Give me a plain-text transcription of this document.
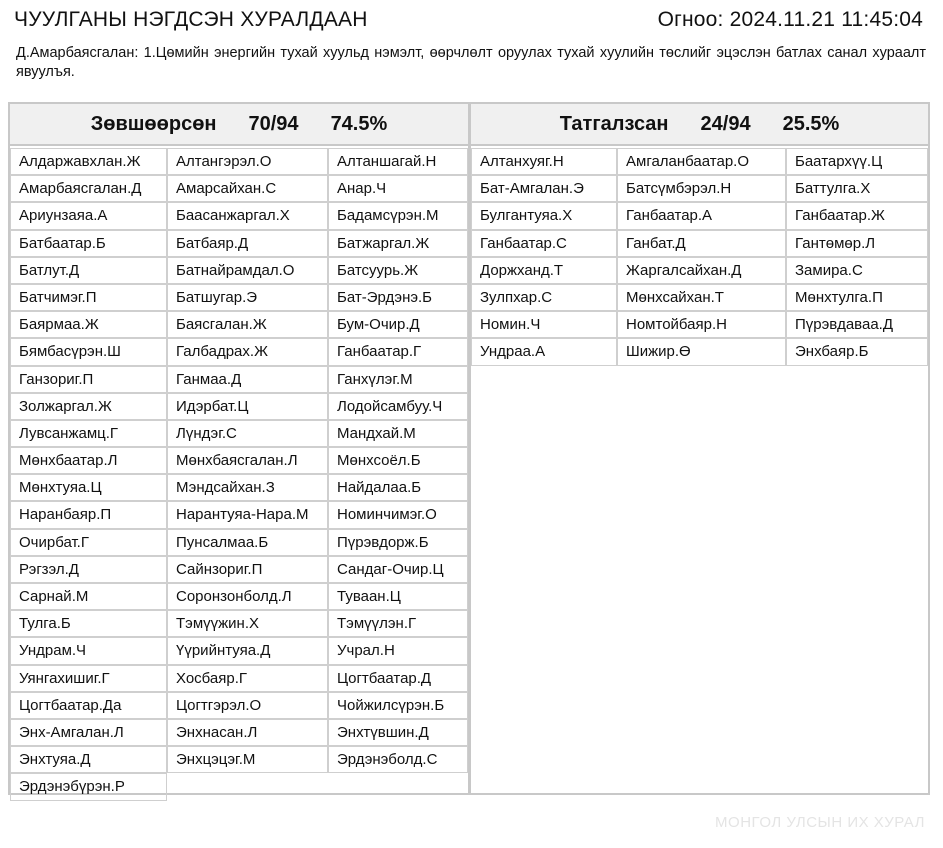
ЧУУЛГАНЫ НЭГДСЭН ХУРАЛДААН	Огноо: 2024.11.21 11:45:04
Д.Амарбаясгалан: 1.Цөмийн энергийн тухай хуульд нэмэлт, өөрчлөлт оруулах тухай хуулийн төслийг эцэслэн батлах санал хураалт явуулъя.
Зөвшөөрсөн 70/94 74.5%
Алдаржавхлан.Ж	Алтангэрэл.О	Алтаншагай.Н
Амарбаясгалан.Д	Амарсайхан.С	Анар.Ч
Ариунзаяа.А	Баасанжаргал.Х	Бадамсүрэн.М
Батбаатар.Б	Батбаяр.Д	Батжаргал.Ж
Батлут.Д	Батнайрамдал.О	Батсуурь.Ж
Батчимэг.П	Батшугар.Э	Бат-Эрдэнэ.Б
Баярмаа.Ж	Баясгалан.Ж	Бум-Очир.Д
Бямбасүрэн.Ш	Галбадрах.Ж	Ганбаатар.Г
Ганзориг.П	Ганмаа.Д	Ганхүлэг.М
Золжаргал.Ж	Идэрбат.Ц	Лодойсамбуу.Ч
Лувсанжамц.Г	Лүндэг.С	Мандхай.М
Мөнхбаатар.Л	Мөнхбаясгалан.Л	Мөнхсоёл.Б
Мөнхтуяа.Ц	Мэндсайхан.З	Найдалаа.Б
Наранбаяр.П	Нарантуяа-Нара.М	Номинчимэг.О
Очирбат.Г	Пунсалмаа.Б	Пүрэвдорж.Б
Рэгзэл.Д	Сайнзориг.П	Сандаг-Очир.Ц
Сарнай.М	Соронзонболд.Л	Туваан.Ц
Тулга.Б	Тэмүүжин.Х	Тэмүүлэн.Г
Ундрам.Ч	Үүрийнтуяа.Д	Учрал.Н
Уянгахишиг.Г	Хосбаяр.Г	Цогтбаатар.Д
Цогтбаатар.Да	Цогтгэрэл.О	Чойжилсүрэн.Б
Энх-Амгалан.Л	Энхнасан.Л	Энхтүвшин.Д
Энхтуяа.Д	Энхцэцэг.М	Эрдэнэболд.С
Эрдэнэбүрэн.Р
Татгалзсан 24/94 25.5%
Алтанхуяг.Н	Амгаланбаатар.О	Баатархүү.Ц
Бат-Амгалан.Э	Батсүмбэрэл.Н	Баттулга.Х
Булгантуяа.Х	Ганбаатар.А	Ганбаатар.Ж
Ганбаатар.С	Ганбат.Д	Гантөмөр.Л
Доржханд.Т	Жаргалсайхан.Д	Замира.С
Зулпхар.С	Мөнхсайхан.Т	Мөнхтулга.П
Номин.Ч	Номтойбаяр.Н	Пүрэвдаваа.Д
Ундраа.А	Шижир.Ө	Энхбаяр.Б
МОНГОЛ УЛСЫН ИХ ХУРАЛ
